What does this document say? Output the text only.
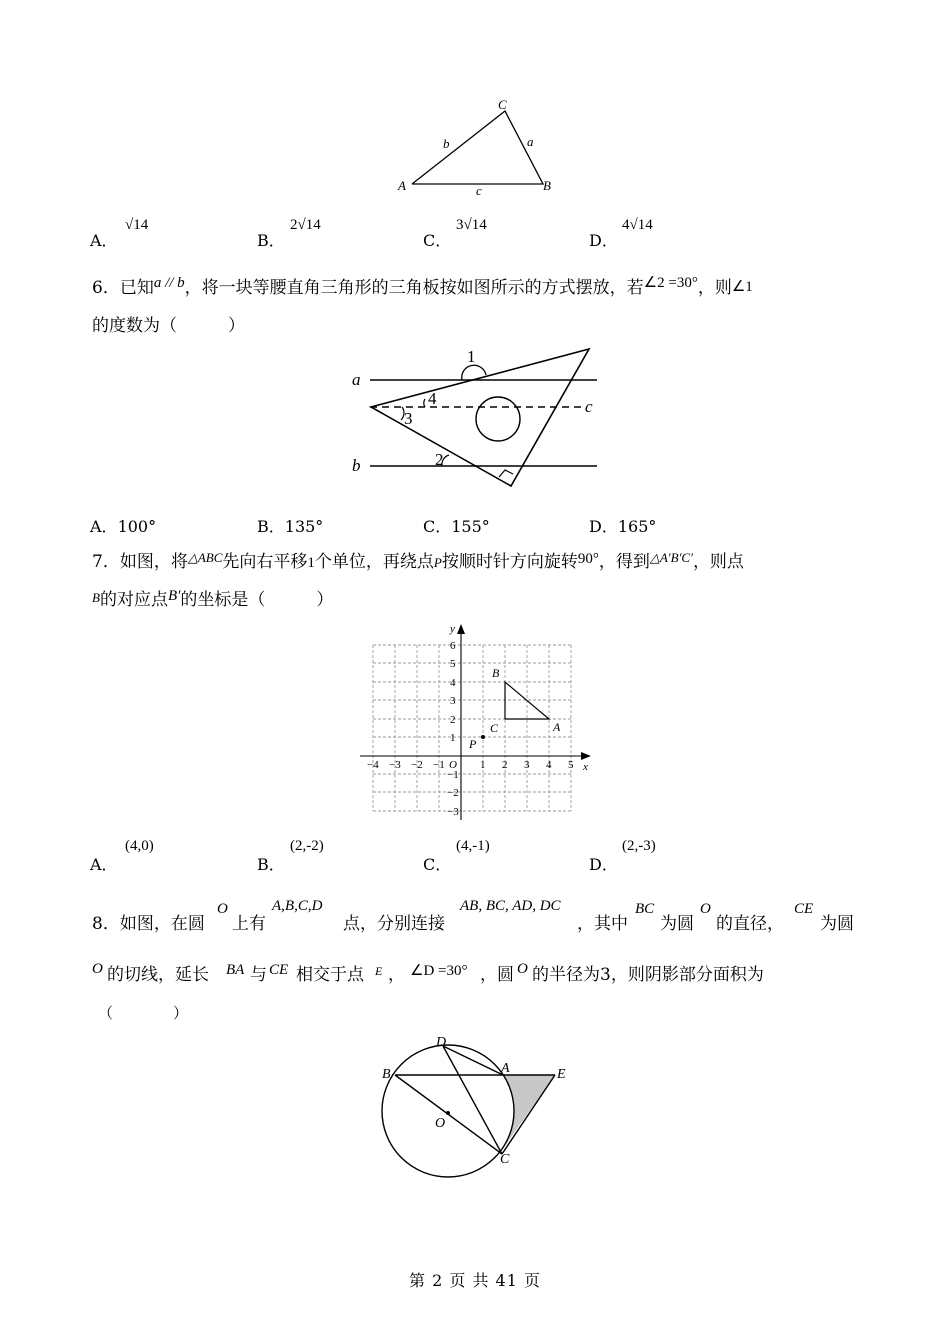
C
A	B
a
b
c
A．
√14
B．
2√14
C．
3√14
D．
4√14
6．已知a // b，将一块等腰直角三角形的三角板按如图所示的方式摆放，若∠2 =30°，则∠1
的度数为（　　　）
a
b
c
1
2
3
4
A．100°	B．135°	C．155°	D．165°
7．如图，将$^{\triangle ABC}$先向右平移1个单位，再绕点P按顺时针方向旋转90°，得到$^{\triangle A'B'C'}$，则点
B的对应点B′的坐标是（　　　）
x
y
−4 −3 −2 −1 O 1 2 3 4 5
6
5
4
3
2
1
−1
−2
−3
B
A
C
P
A．
(4,0)
B．
(2,-2)
C．
(4,-1)
D．
(2,-3)
8．如图，在圆
O
上有
A,B,C,D
点，分别连接
AB, BC, AD, DC
，其中
BC
为圆
O
的直径，
CE
为圆
O 的切线，延长 BA 与 CE 相交于点 E ， ∠D =30° ，圆 O 的半径为3，则阴影部分面积为
（　　　　）
D
A	E
B
O
C
第 2 页 共 41 页
